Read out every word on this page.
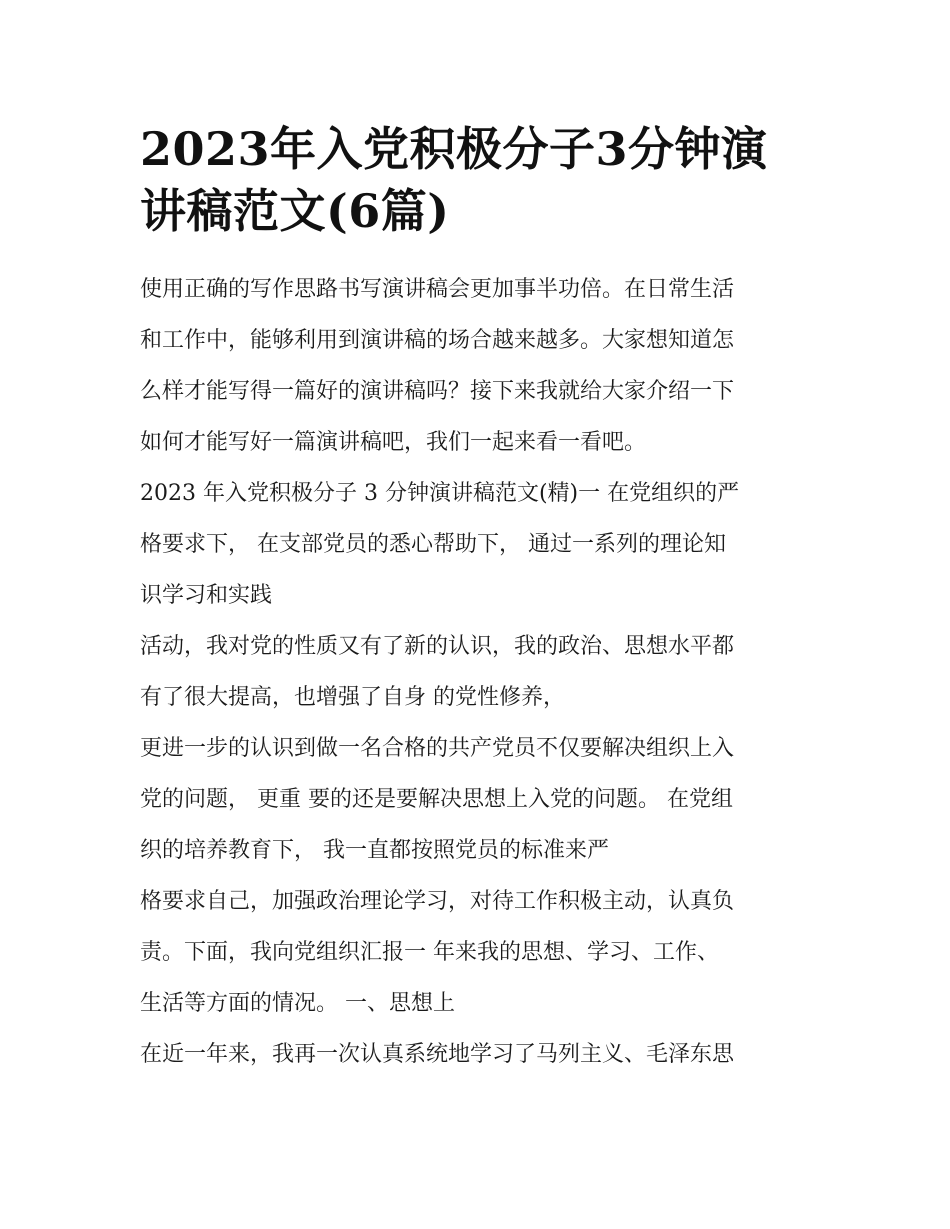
2023年入党积极分子3分钟演讲稿范文(6篇)
使用正确的写作思路书写演讲稿会更加事半功倍。在日常生活
和工作中，能够利用到演讲稿的场合越来越多。大家想知道怎
么样才能写得一篇好的演讲稿吗？接下来我就给大家介绍一下
如何才能写好一篇演讲稿吧，我们一起来看一看吧。
2023 年入党积极分子 3 分钟演讲稿范文(精)一 在党组织的严
格要求下， 在支部党员的悉心帮助下， 通过一系列的理论知
识学习和实践
活动，我对党的性质又有了新的认识，我的政治、思想水平都
有了很大提高，也增强了自身 的党性修养，
更进一步的认识到做一名合格的共产党员不仅要解决组织上入
党的问题， 更重 要的还是要解决思想上入党的问题。 在党组
织的培养教育下， 我一直都按照党员的标准来严
格要求自己，加强政治理论学习，对待工作积极主动，认真负
责。下面，我向党组织汇报一 年来我的思想、学习、工作、
生活等方面的情况。 一、思想上
在近一年来，我再一次认真系统地学习了马列主义、毛泽东思
